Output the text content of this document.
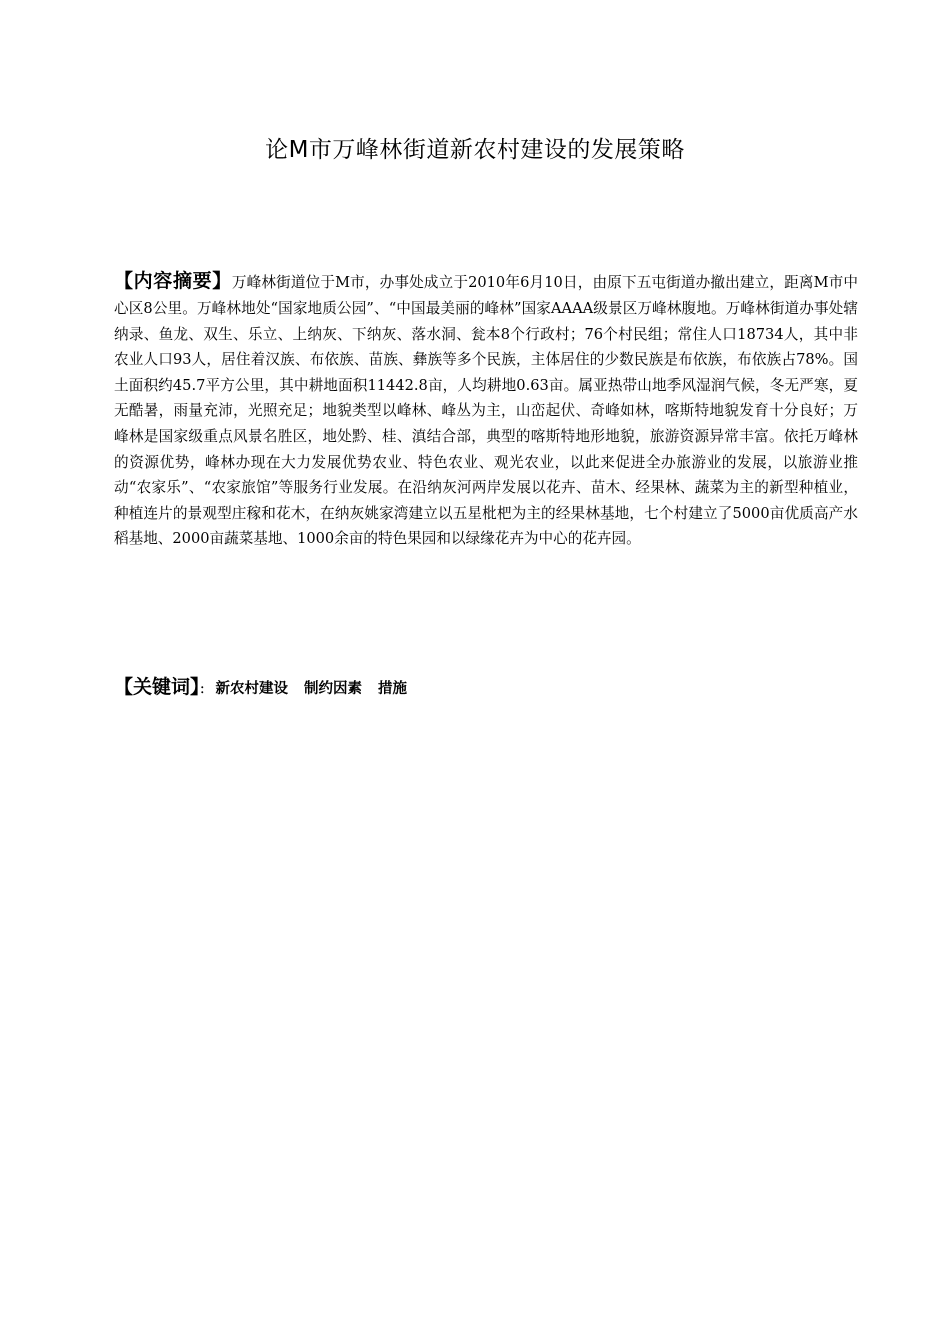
论M市万峰林街道新农村建设的发展策略

【内容摘要】万峰林街道位于M市，办事处成立于2010年6月10日，由原下五屯街道办撤出建立，距离M市中心区8公里。万峰林地处“国家地质公园”、“中国最美丽的峰林”国家AAAA级景区万峰林腹地。万峰林街道办事处辖纳录、鱼龙、双生、乐立、上纳灰、下纳灰、落水洞、瓮本8个行政村；76个村民组；常住人口18734人，其中非农业人口93人，居住着汉族、布依族、苗族、彝族等多个民族，主体居住的少数民族是布依族，布依族占78%。国土面积约45.7平方公里，其中耕地面积11442.8亩，人均耕地0.63亩。属亚热带山地季风湿润气候，冬无严寒，夏无酷暑，雨量充沛，光照充足；地貌类型以峰林、峰丛为主，山峦起伏、奇峰如林，喀斯特地貌发育十分良好；万峰林是国家级重点风景名胜区，地处黔、桂、滇结合部，典型的喀斯特地形地貌，旅游资源异常丰富。依托万峰林的资源优势，峰林办现在大力发展优势农业、特色农业、观光农业，以此来促进全办旅游业的发展，以旅游业推动“农家乐”、“农家旅馆”等服务行业发展。在沿纳灰河两岸发展以花卉、苗木、经果林、蔬菜为主的新型种植业，种植连片的景观型庄稼和花木，在纳灰姚家湾建立以五星枇杷为主的经果林基地，七个村建立了5000亩优质高产水稻基地、2000亩蔬菜基地、1000余亩的特色果园和以绿缘花卉为中心的花卉园。

【关键词】： 新农村建设 制约因素 措施
